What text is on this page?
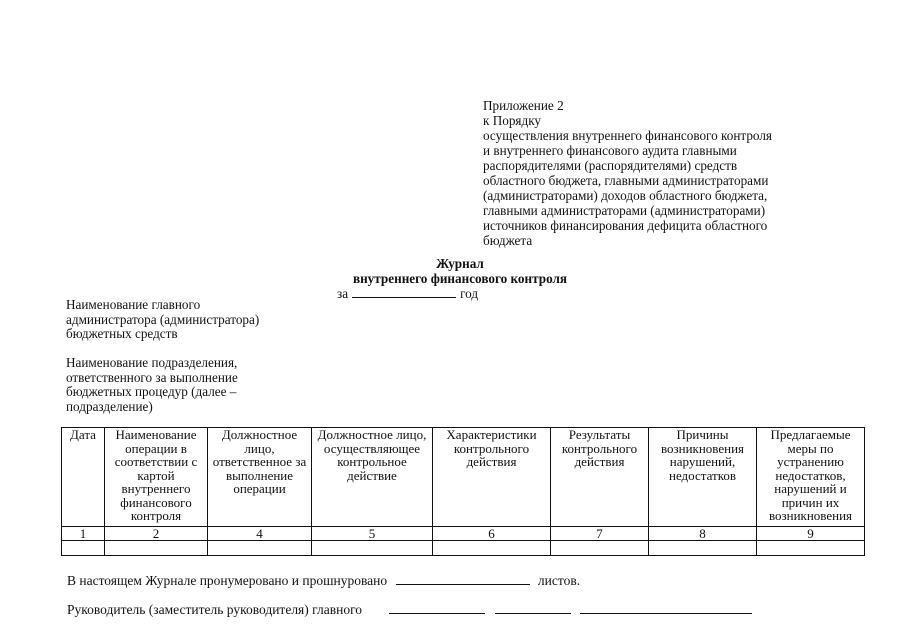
Приложение 2
к Порядку
осуществления внутреннего финансового контроля
и внутреннего финансового аудита главными
распорядителями (распорядителями) средств
областного бюджета, главными администраторами
(администраторами) доходов областного бюджета,
главными администраторами (администраторами)
источников финансирования дефицита областного
бюджета
Журнал
внутреннего финансового контроля
за	год
Наименование главного
администратора (администратора)
бюджетных средств
Наименование подразделения,
ответственного за выполнение
бюджетных процедур (далее –
подразделение)
Дата	Наименование операции в соответствии с картой внутреннего финансового контроля	Должностное лицо, ответственное за выполнение операции	Должностное лицо, осуществляющее контрольное действие	Характеристики контрольного действия	Результаты контрольного действия	Причины возникновения нарушений, недостатков	Предлагаемые меры по устранению недостатков, нарушений и причин их возникновения
1	2	4	5	6	7	8	9

В настоящем Журнале пронумеровано и прошнуровано	листов.
Руководитель (заместитель руководителя) главного
